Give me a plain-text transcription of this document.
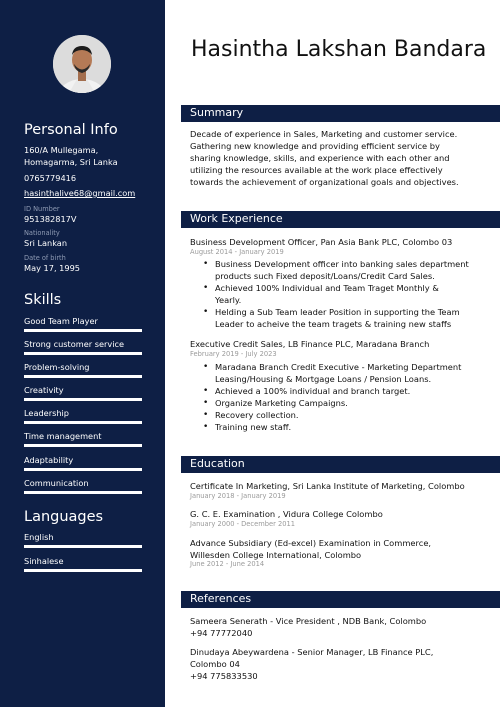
Personal Info
160/A Mullegama,
Homagarma, Sri Lanka
0765779416
hasinthalive68@gmail.com
ID Number
951382817V
Nationality
Sri Lankan
Date of birth
May 17, 1995
Skills
Good Team Player
Strong customer service
Problem-solving
Creativity
Leadership
Time management
Adaptability
Communication
Languages
English
Sinhalese
Hasintha Lakshan Bandara
Summary
Decade of experience in Sales, Marketing and customer service.
Gathering new knowledge and providing efficient service by
sharing knowledge, skills, and experience with each other and
utilizing the resources available at the work place effectively
towards the achievement of organizational goals and objectives.
Work Experience
Business Development Officer, Pan Asia Bank PLC, Colombo 03
August 2014 - January 2019
• Business Development officer into banking sales department
products such Fixed deposit/Loans/Credit Card Sales.
• Achieved 100% Individual and Team Traget Monthly &
Yearly.
• Helding a Sub Team leader Position in supporting the Team
Leader to acheive the team tragets & training new staffs
Executive Credit Sales, LB Finance PLC, Maradana Branch
February 2019 - July 2023
• Maradana Branch Credit Executive - Marketing Department
Leasing/Housing & Mortgage Loans / Pension Loans.
• Achieved a 100% individual and branch target.
• Organize Marketing Campaigns.
• Recovery collection.
• Training new staff.
Education
Certificate In Marketing, Sri Lanka Institute of Marketing, Colombo
January 2018 - January 2019
G. C. E. Examination , Vidura College Colombo
January 2000 - December 2011
Advance Subsidiary (Ed-excel) Examination in Commerce,
Willesden College International, Colombo
June 2012 - June 2014
References
Sameera Senerath - Vice President , NDB Bank, Colombo
+94 77772040
Dinudaya Abeywardena - Senior Manager, LB Finance PLC,
Colombo 04
+94 775833530
